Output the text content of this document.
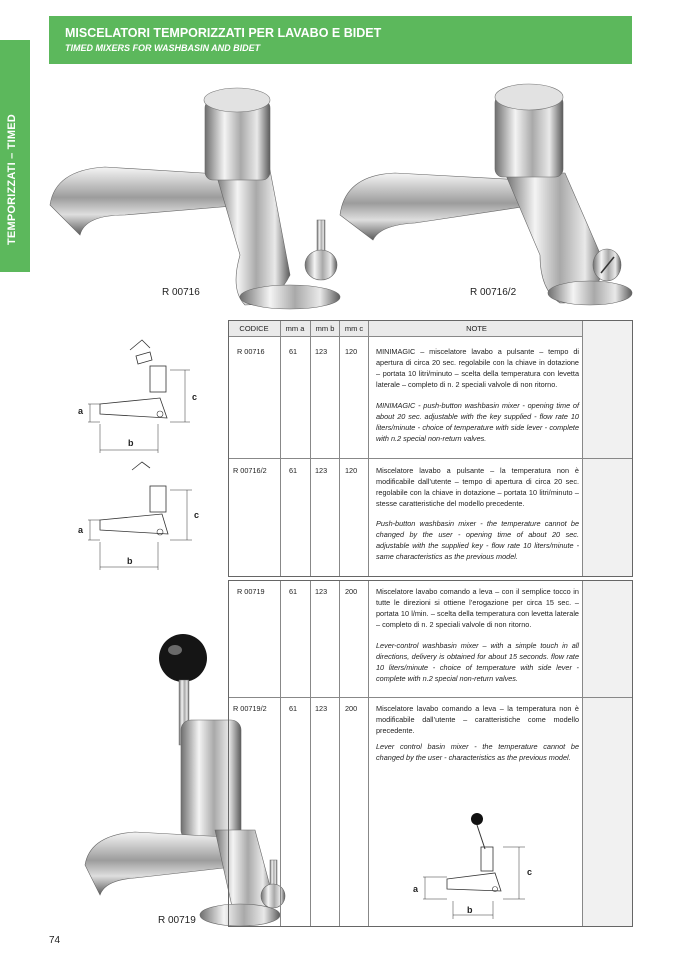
TEMPORIZZATI – TIMED
MISCELATORI TEMPORIZZATI PER LAVABO E BIDET
TIMED MIXERS FOR WASHBASIN AND BIDET
R 00716	R 00716/2
R 00719
a
c
b
a
c
b
CODICE	mm a	mm b	mm c	NOTE
R 00716	61 123 120	MINIMAGIC – miscelatore lavabo a pulsante – tempo di apertura di circa 20 sec. regolabile con la chiave in dotazione – portata 10 litri/minuto – scelta della temperatura con levetta laterale – completo di n. 2 speciali valvole di non ritorno.
MINIMAGIC - push-button washbasin mixer - opening time of about 20 sec. adjustable with the key supplied - flow rate 10 liters/minute - choice of temperature with side lever - complete with n.2 special non-return valves.
R 00716/2	61 123 120	Miscelatore lavabo a pulsante – la temperatura non è modificabile dall’utente – tempo di apertura di circa 20 sec. regolabile con la chiave in dotazione – portata 10 litri/minuto – stesse caratteristiche del modello precedente.
Push-button washbasin mixer - the temperature cannot be changed by the user - opening time of about 20 sec. adjustable with the supplied key - flow rate 10 liters/minute - same characteristics as the previous model.
R 00719	61 123 200	Miscelatore lavabo comando a leva – con il semplice tocco in tutte le direzioni si ottiene l’erogazione per circa 15 sec. – portata 10 l/min. – scelta della temperatura con levetta laterale – completo di n. 2 speciali valvole di non ritorno.
Lever-control washbasin mixer – with a simple touch in all directions, delivery is obtained for about 15 seconds. flow rate 10 liters/minute - choice of temperature with side lever - complete with n.2 special non-return valves.
R 00719/2	61 123 200	Miscelatore lavabo comando a leva – la temperatura non è modificabile dall’utente – caratteristiche come modello precedente.
Lever control basin mixer - the temperature cannot be changed by the user - characteristics as the previous model.
a
c
b
74
